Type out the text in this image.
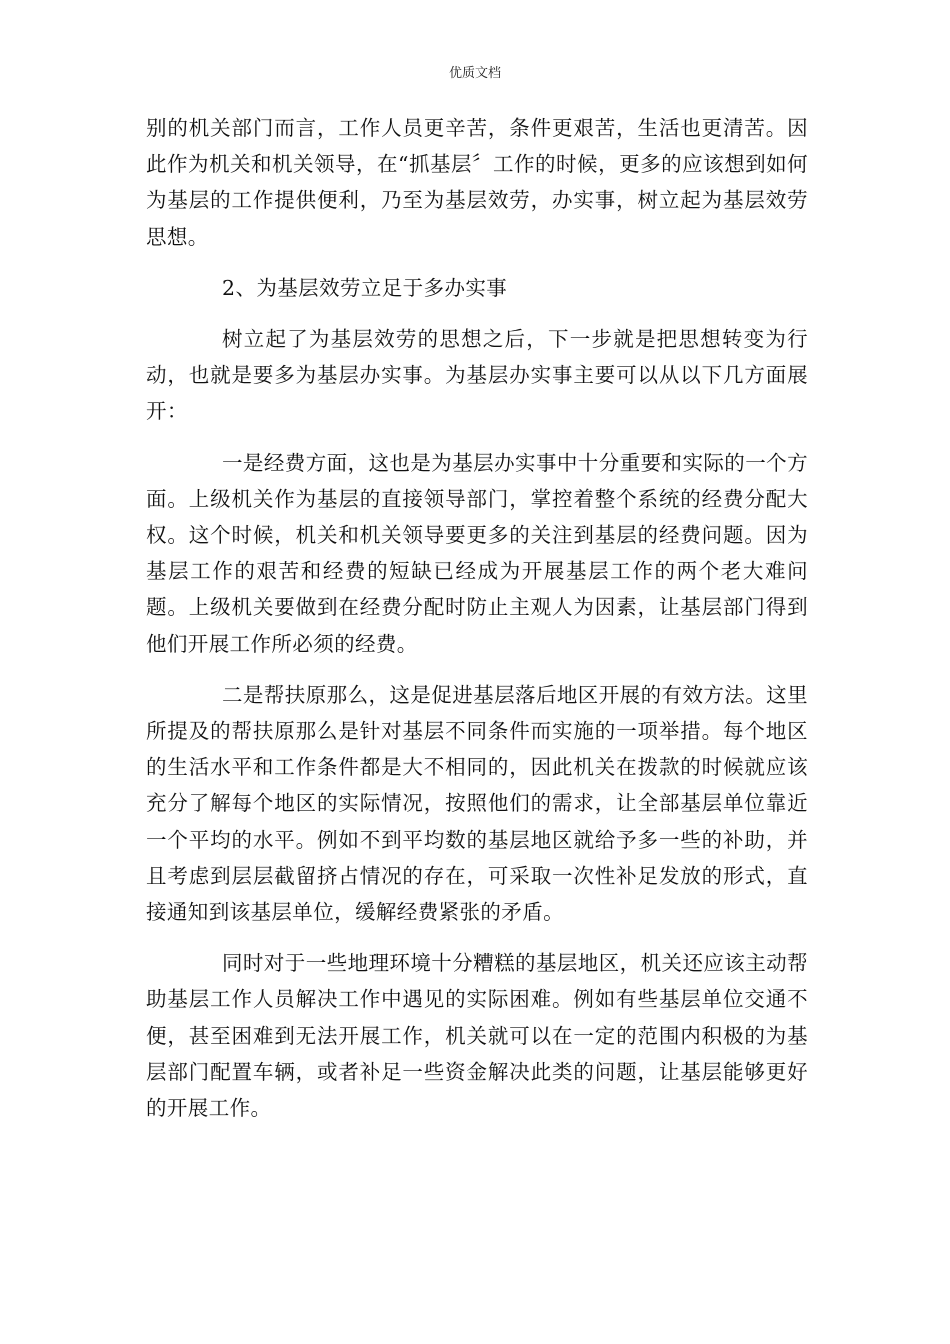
优质文档

别的机关部门而言，工作人员更辛苦，条件更艰苦，生活也更清苦。因此作为机关和机关领导，在“抓基层〞工作的时候，更多的应该想到如何为基层的工作提供便利，乃至为基层效劳，办实事，树立起为基层效劳思想。

2、为基层效劳立足于多办实事

树立起了为基层效劳的思想之后，下一步就是把思想转变为行动，也就是要多为基层办实事。为基层办实事主要可以从以下几方面展开：

一是经费方面，这也是为基层办实事中十分重要和实际的一个方面。上级机关作为基层的直接领导部门，掌控着整个系统的经费分配大权。这个时候，机关和机关领导要更多的关注到基层的经费问题。因为基层工作的艰苦和经费的短缺已经成为开展基层工作的两个老大难问题。上级机关要做到在经费分配时防止主观人为因素，让基层部门得到他们开展工作所必须的经费。

二是帮扶原那么，这是促进基层落后地区开展的有效方法。这里所提及的帮扶原那么是针对基层不同条件而实施的一项举措。每个地区的生活水平和工作条件都是大不相同的，因此机关在拨款的时候就应该充分了解每个地区的实际情况，按照他们的需求，让全部基层单位靠近一个平均的水平。例如不到平均数的基层地区就给予多一些的补助，并且考虑到层层截留挤占情况的存在，可采取一次性补足发放的形式，直接通知到该基层单位，缓解经费紧张的矛盾。

同时对于一些地理环境十分糟糕的基层地区，机关还应该主动帮助基层工作人员解决工作中遇见的实际困难。例如有些基层单位交通不便，甚至困难到无法开展工作，机关就可以在一定的范围内积极的为基层部门配置车辆，或者补足一些资金解决此类的问题，让基层能够更好的开展工作。
